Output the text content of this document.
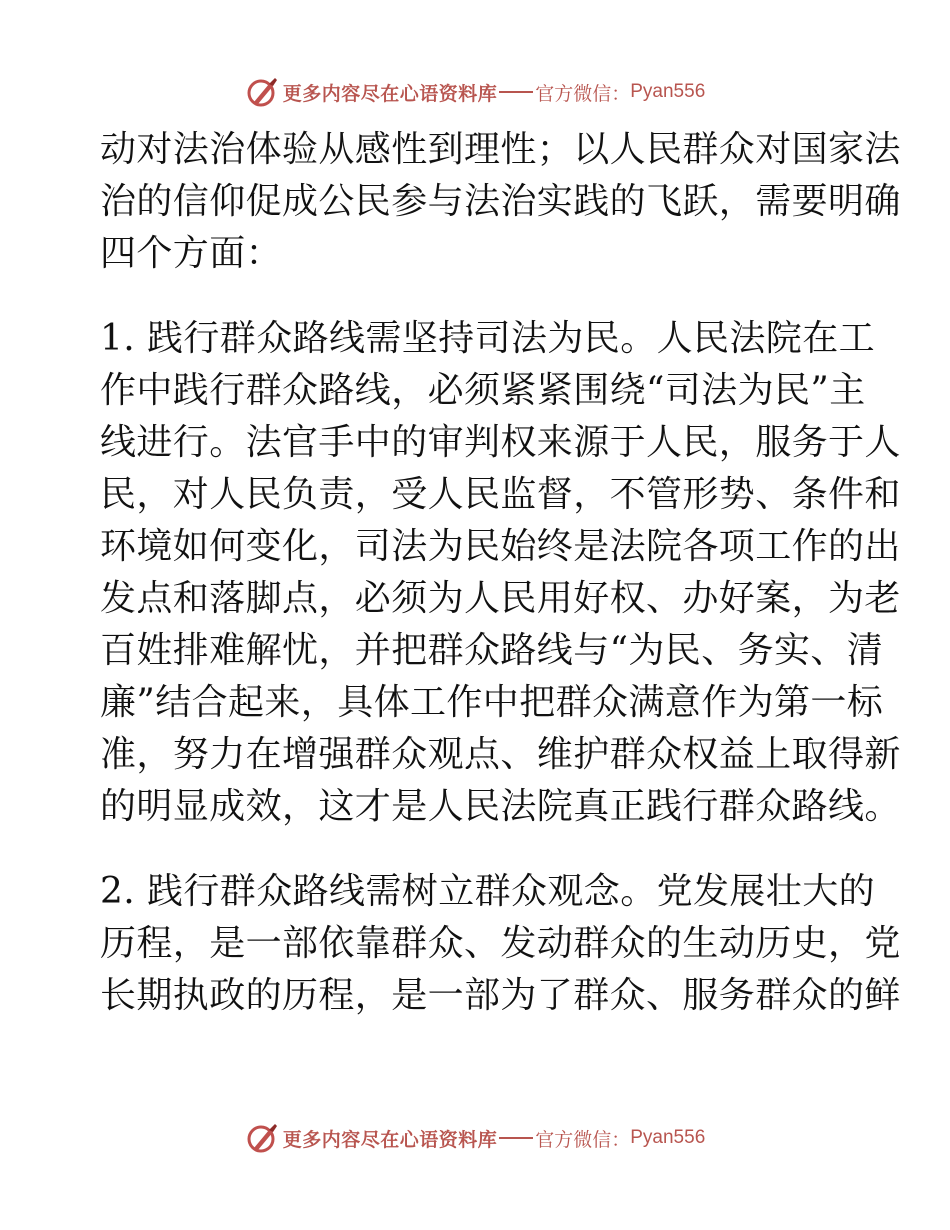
更多内容尽在心语资料库 官方微信： Pyan556
动对法治体验从感性到理性；以人民群众对国家法
治的信仰促成公民参与法治实践的飞跃，需要明确
四个方面：
1. 践行群众路线需坚持司法为民。人民法院在工
作中践行群众路线，必须紧紧围绕“司法为民”主
线进行。法官手中的审判权来源于人民，服务于人
民，对人民负责，受人民监督，不管形势、条件和
环境如何变化，司法为民始终是法院各项工作的出
发点和落脚点，必须为人民用好权、办好案，为老
百姓排难解忧，并把群众路线与“为民、务实、清
廉”结合起来，具体工作中把群众满意作为第一标
准，努力在增强群众观点、维护群众权益上取得新
的明显成效，这才是人民法院真正践行群众路线。
2. 践行群众路线需树立群众观念。党发展壮大的
历程，是一部依靠群众、发动群众的生动历史，党
长期执政的历程，是一部为了群众、服务群众的鲜
更多内容尽在心语资料库 官方微信： Pyan556
